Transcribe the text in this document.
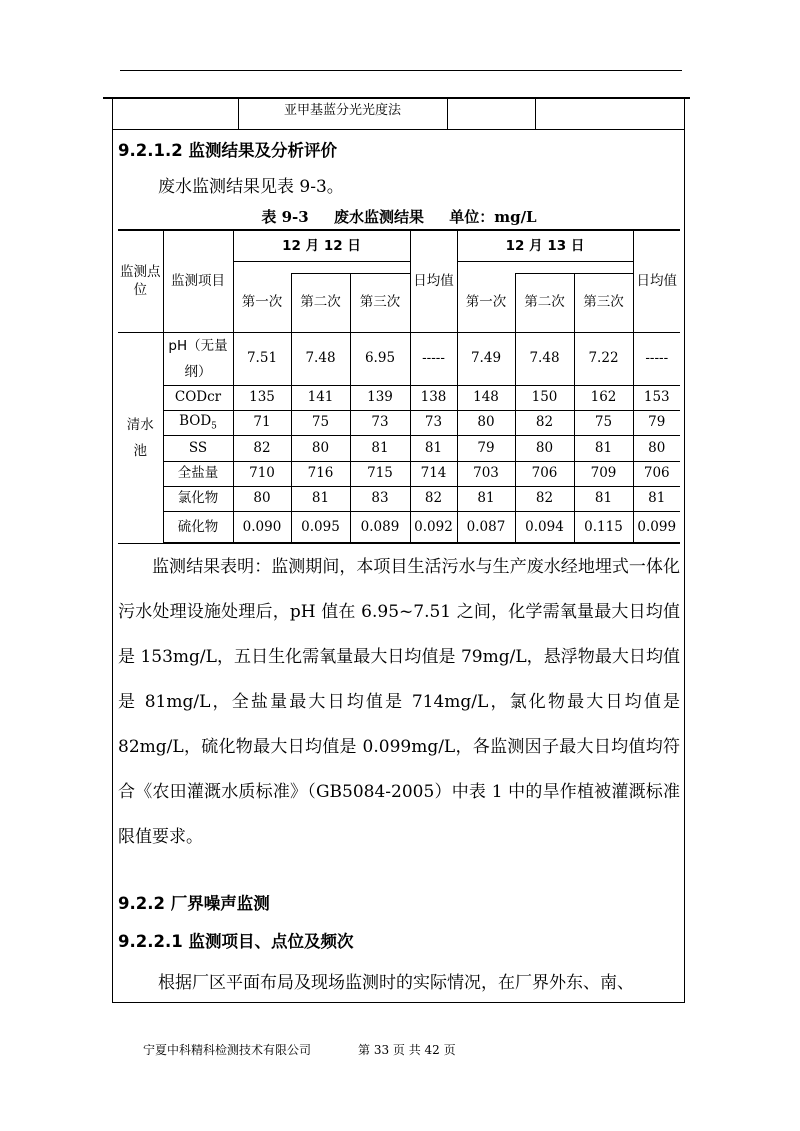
亚甲基蓝分光光度法
9.2.1.2 监测结果及分析评价
废水监测结果见表 9-3。
表 9-3 废水监测结果 单位：mg/L
监测点位	监测项目	12 月 12 日			日均值	12 月 13 日			日均值

		第一次	第二次	第三次		第一次	第二次	第三次	
清水池	pH（无量纲）	7.51	7.48	6.95	-----	7.49	7.48	7.22	-----
	CODcr	135	141	139	138	148	150	162	153
	$BOD_5$	71	75	73	73	80	82	75	79
	SS	82	80	81	81	79	80	81	80
	全盐量	710	716	715	714	703	706	709	706
	氯化物	80	81	83	82	81	82	81	81
	硫化物	0.090	0.095	0.089	0.092	0.087	0.094	0.115	0.099

监测结果表明：监测期间，本项目生活污水与生产废水经地埋式一体化污水处理设施处理后，pH 值在 6.95~7.51 之间，化学需氧量最大日均值是 153mg/L，五日生化需氧量最大日均值是 79mg/L，悬浮物最大日均值是 81mg/L，全盐量最大日均值是 714mg/L，氯化物最大日均值是 82mg/L，硫化物最大日均值是 0.099mg/L，各监测因子最大日均值均符合《农田灌溉水质标准》（GB5084-2005）中表 1 中的旱作植被灌溉标准限值要求。

9.2.2 厂界噪声监测
9.2.2.1 监测项目、点位及频次
根据厂区平面布局及现场监测时的实际情况，在厂界外东、南、
宁夏中科精科检测技术有限公司	第 33 页 共 42 页
